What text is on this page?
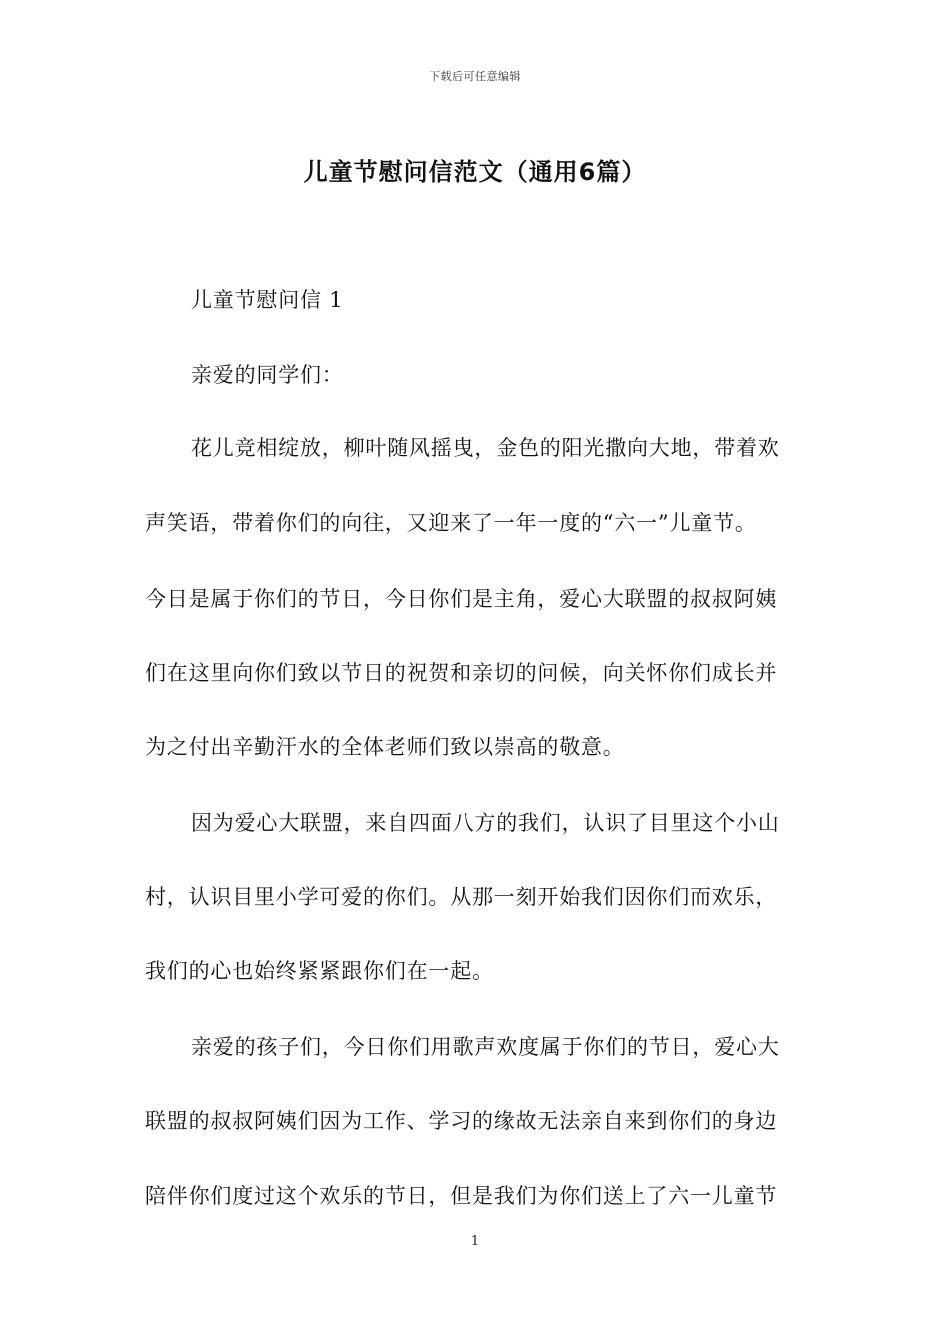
下载后可任意编辑
儿童节慰问信范文（通用6篇）
儿童节慰问信 1
亲爱的同学们：
花儿竞相绽放，柳叶随风摇曳，金色的阳光撒向大地，带着欢
声笑语，带着你们的向往，又迎来了一年一度的“六一”儿童节。
今日是属于你们的节日，今日你们是主角，爱心大联盟的叔叔阿姨
们在这里向你们致以节日的祝贺和亲切的问候，向关怀你们成长并
为之付出辛勤汗水的全体老师们致以崇高的敬意。
因为爱心大联盟，来自四面八方的我们，认识了目里这个小山
村，认识目里小学可爱的你们。从那一刻开始我们因你们而欢乐，
我们的心也始终紧紧跟你们在一起。
亲爱的孩子们，今日你们用歌声欢度属于你们的节日，爱心大
联盟的叔叔阿姨们因为工作、学习的缘故无法亲自来到你们的身边
陪伴你们度过这个欢乐的节日，但是我们为你们送上了六一儿童节
1
